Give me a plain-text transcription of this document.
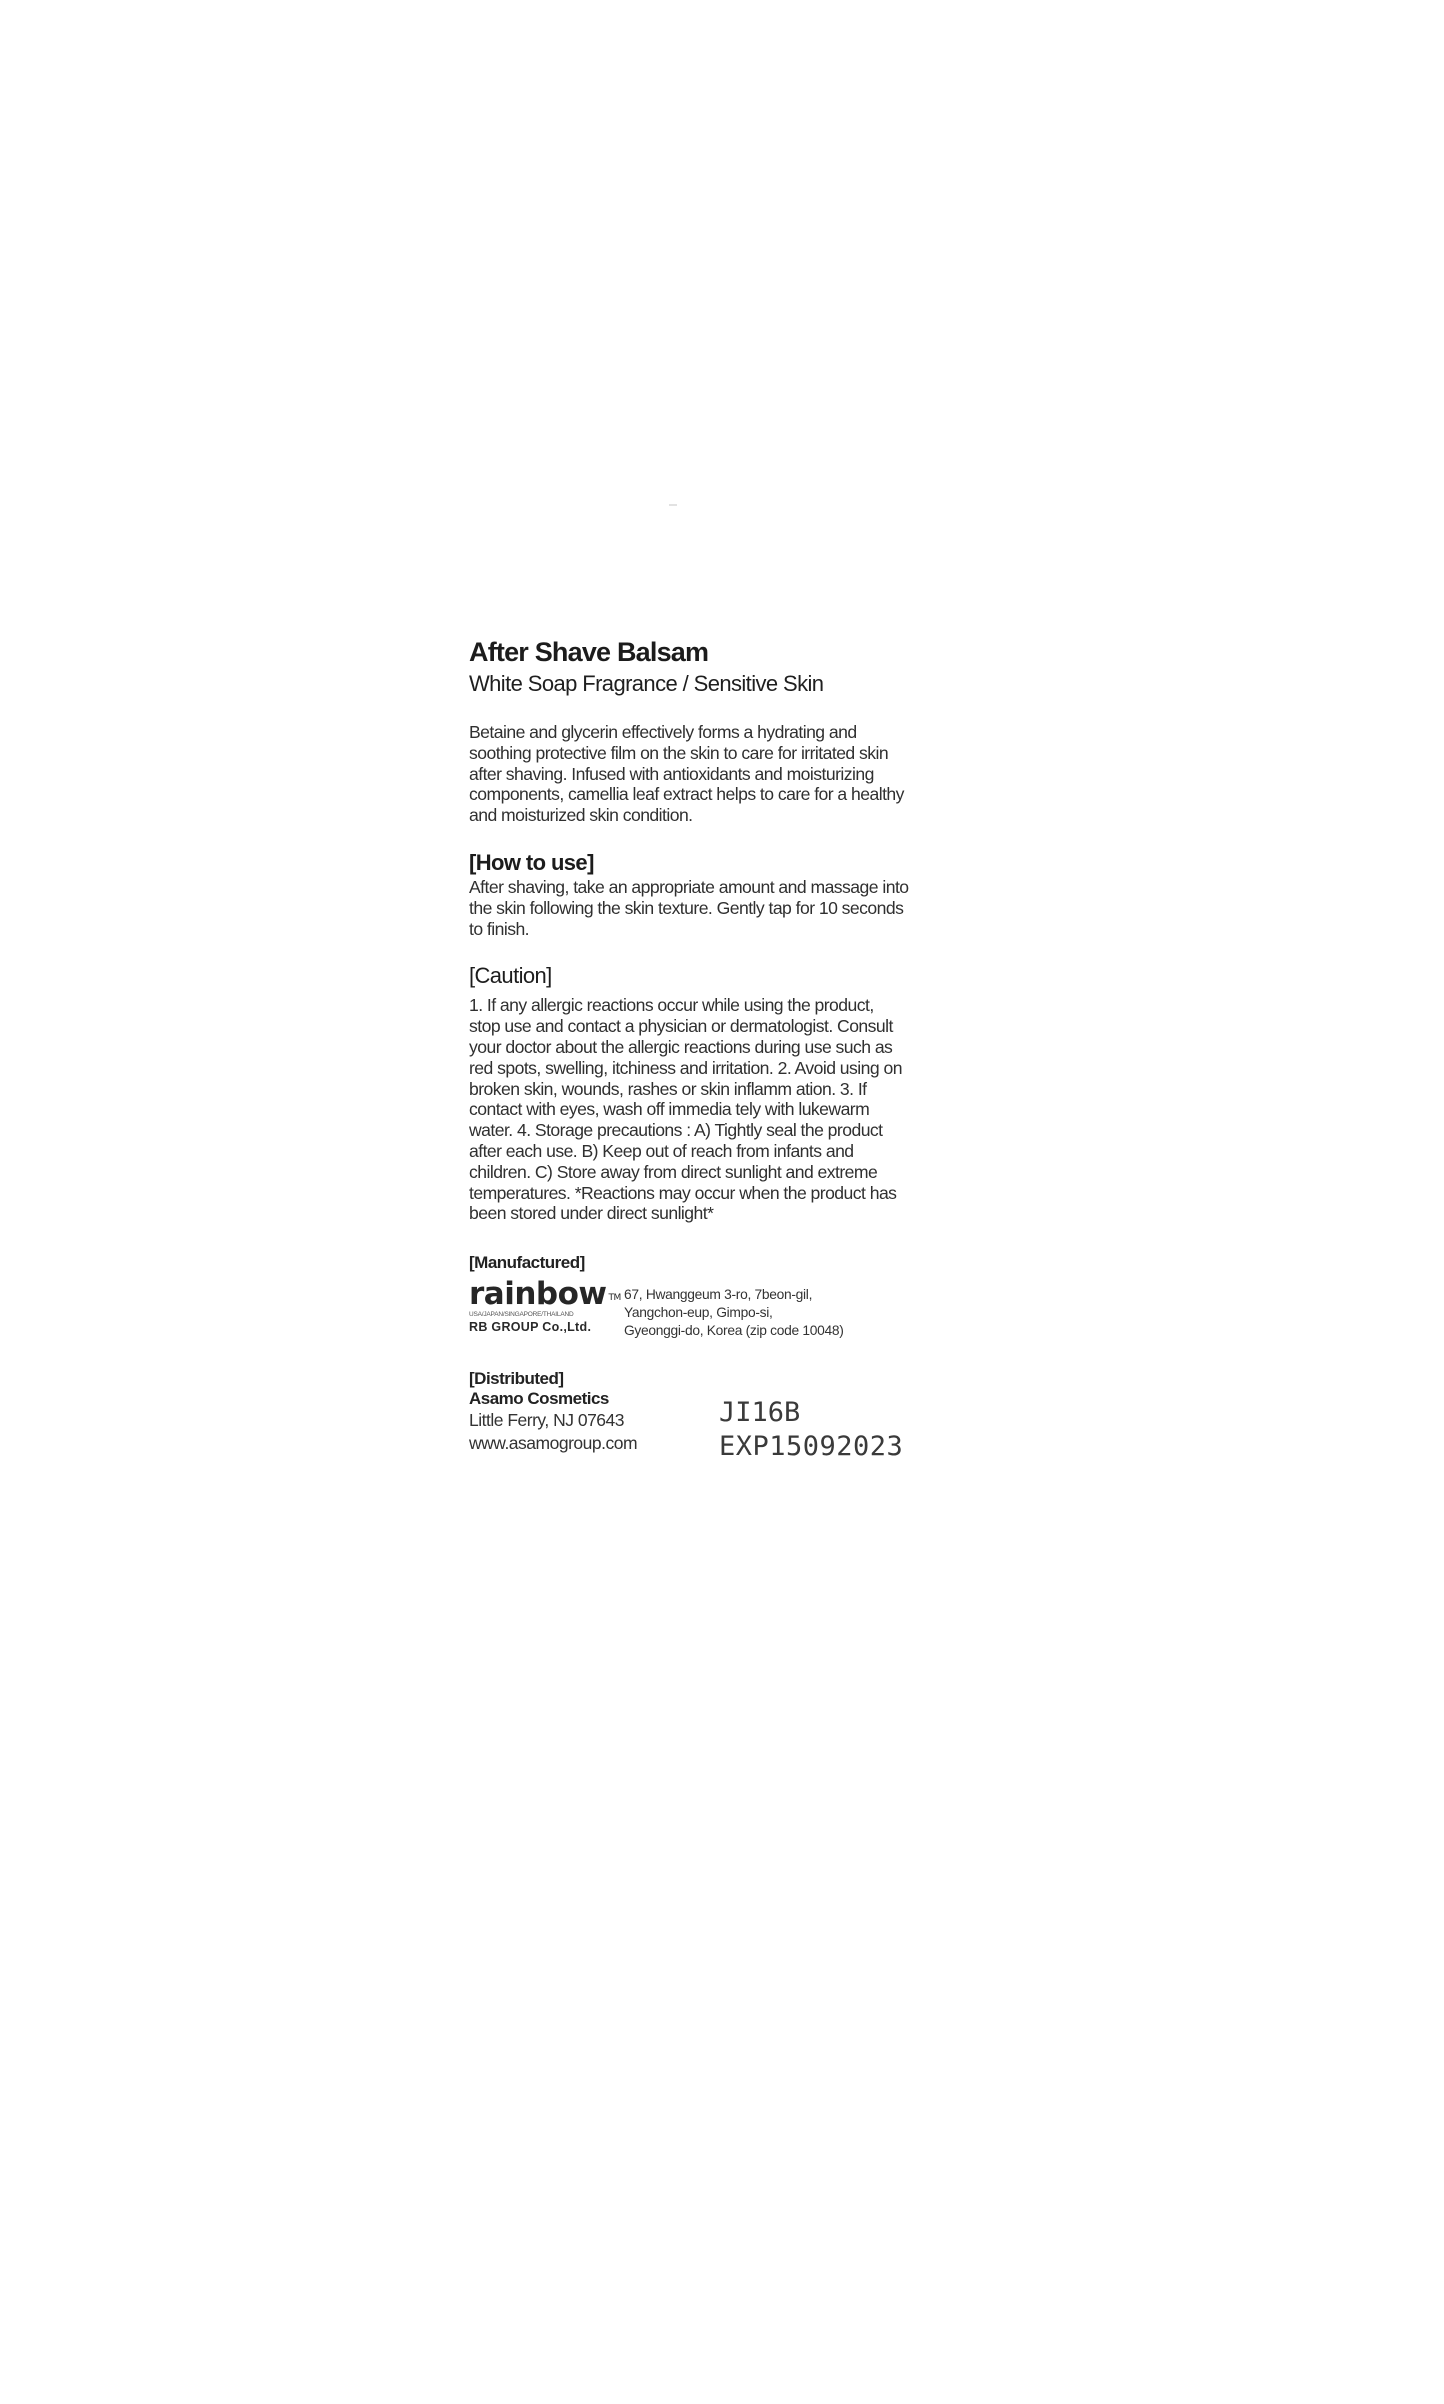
After Shave Balsam
White Soap Fragrance / Sensitive Skin
Betaine and glycerin effectively forms a hydrating and soothing protective film on the skin to care for irritated skin after shaving. Infused with antioxidants and moisturizing components, camellia leaf extract helps to care for a healthy and moisturized skin condition.
[How to use]
After shaving, take an appropriate amount and massage into the skin following the skin texture. Gently tap for 10 seconds to finish.
[Caution]
1. If any allergic reactions occur while using the product, stop use and contact a physician or dermatologist. Consult your doctor about the allergic reactions during use such as red spots, swelling, itchiness and irritation. 2. Avoid using on broken skin, wounds, rashes or skin inflamm ation. 3. If contact with eyes, wash off immedia tely with lukewarm water. 4. Storage precautions : A) Tightly seal the product after each use. B) Keep out of reach from infants and children. C) Store away from direct sunlight and extreme temperatures. *Reactions may occur when the product has been stored under direct sunlight*
[Manufactured]
rainbow ™
USA/JAPAN/SINGAPORE/THAILAND
RB GROUP Co.,Ltd.
67, Hwanggeum 3-ro, 7beon-gil,
Yangchon-eup, Gimpo-si,
Gyeonggi-do, Korea (zip code 10048)
[Distributed]
Asamo Cosmetics
Little Ferry, NJ 07643
www.asamogroup.com
JI16B
EXP15092023
